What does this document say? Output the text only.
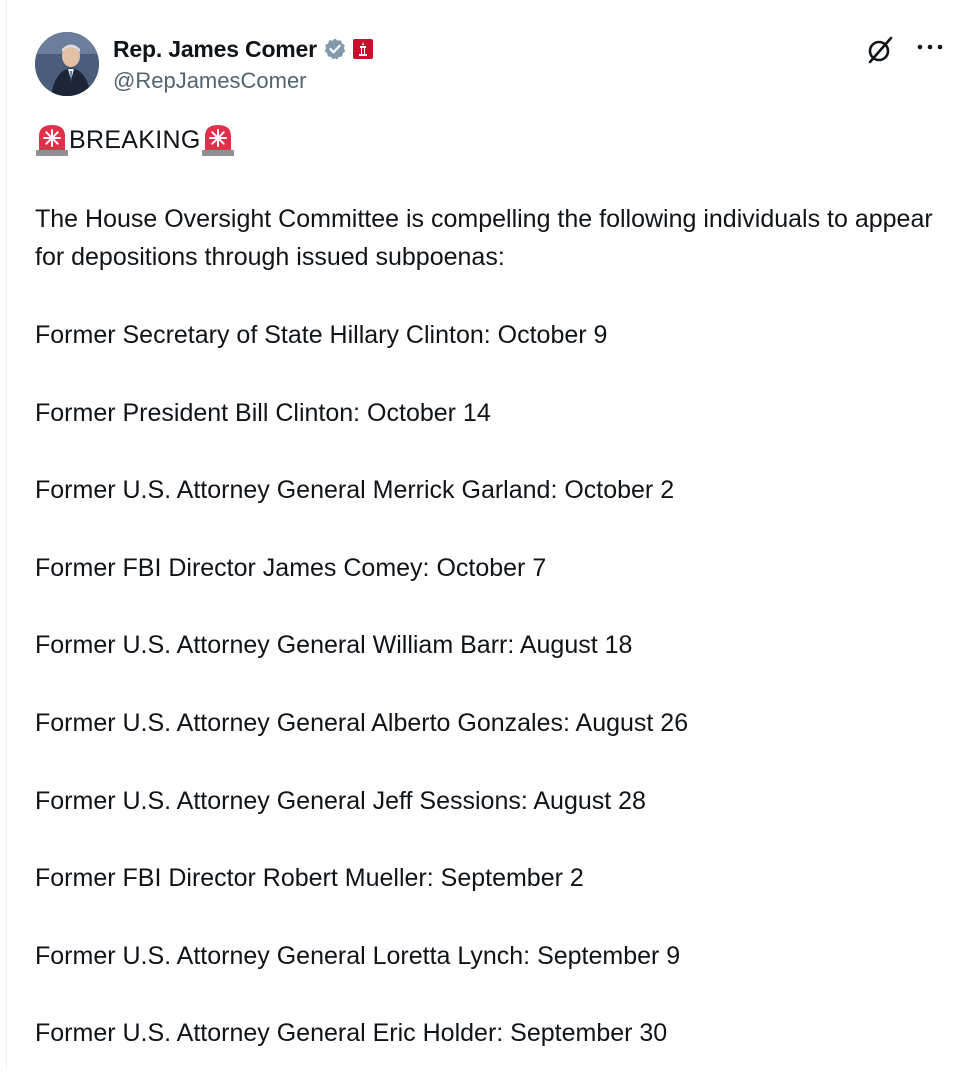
Rep. James Comer
@RepJamesComer
BREAKING
The House Oversight Committee is compelling the following individuals to appear for depositions through issued subpoenas:
Former Secretary of State Hillary Clinton: October 9
Former President Bill Clinton: October 14
Former U.S. Attorney General Merrick Garland: October 2
Former FBI Director James Comey: October 7
Former U.S. Attorney General William Barr: August 18
Former U.S. Attorney General Alberto Gonzales: August 26
Former U.S. Attorney General Jeff Sessions: August 28
Former FBI Director Robert Mueller: September 2
Former U.S. Attorney General Loretta Lynch: September 9
Former U.S. Attorney General Eric Holder: September 30
